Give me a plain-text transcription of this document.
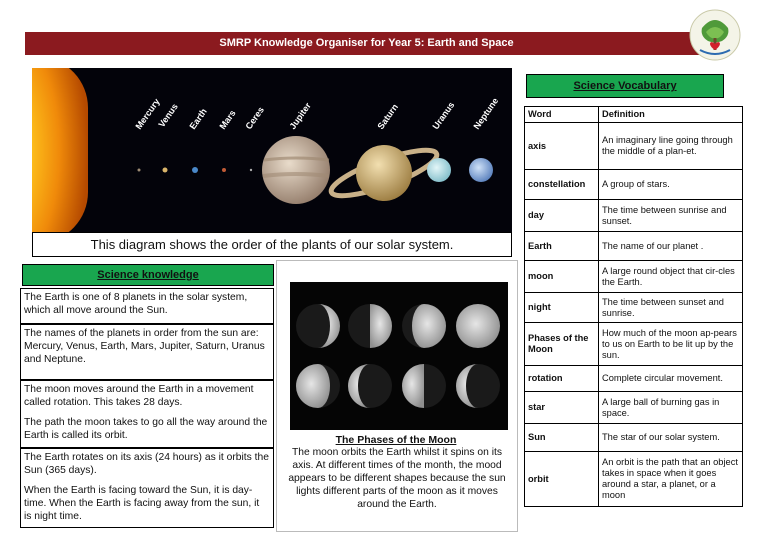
SMRP Knowledge Organiser for Year 5: Earth and Space
Mercury
Venus Earth Mars Ceres Jupiter	Saturn	Uranus Neptune
This diagram shows the order of the plants of our solar system.
Science knowledge

The Earth is one of 8 planets in the solar system, which all move around the Sun.

The names of the planets in order from the sun are: Mercury, Venus, Earth, Mars, Jupiter, Saturn, Uranus and Neptune.

The moon moves around the Earth in a movement called rotation. This takes 28 days.

The path the moon takes to go all the way around the Earth is called its orbit.

The Earth rotates on its axis (24 hours) as it orbits the Sun (365 days).

When the Earth is facing toward the Sun, it is day-time. When the Earth is facing away from the sun, it is night time.

The Phases of the Moon
The moon orbits the Earth whilst it spins on its axis. At different times of the month, the mood appears to be different shapes because the sun lights different parts of the moon as it moves around the Earth.
Science Vocabulary
Word	Definition
axis	An imaginary line going through the middle of a plan-et.
constellation	A group of stars.
day	The time between sunrise and sunset.
Earth	The name of our planet .
moon	A large round object that cir-cles the Earth.
night	The time between sunset and sunrise.
Phases of the Moon	How much of the moon ap-pears to us on Earth to be lit up by the sun.
rotation	Complete circular movement.
star	A large ball of burning gas in space.
Sun	The star of our solar system.
orbit	An orbit is the path that an object takes in space when it goes around a star, a planet, or a moon
